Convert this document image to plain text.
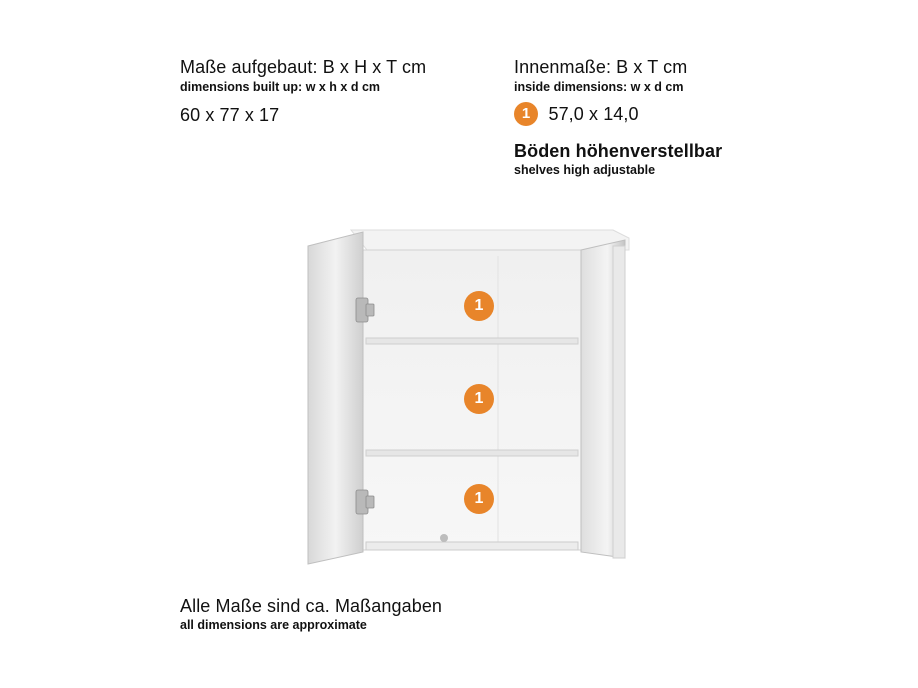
Maße aufgebaut: B x H x T cm
dimensions built up: w x h x d cm
60 x 77 x 17
Innenmaße: B x T cm
inside dimensions: w x d cm
1 57,0 x 14,0
Böden höhenverstellbar
shelves high adjustable
1
1
1
Alle Maße sind ca. Maßangaben
all dimensions are approximate
